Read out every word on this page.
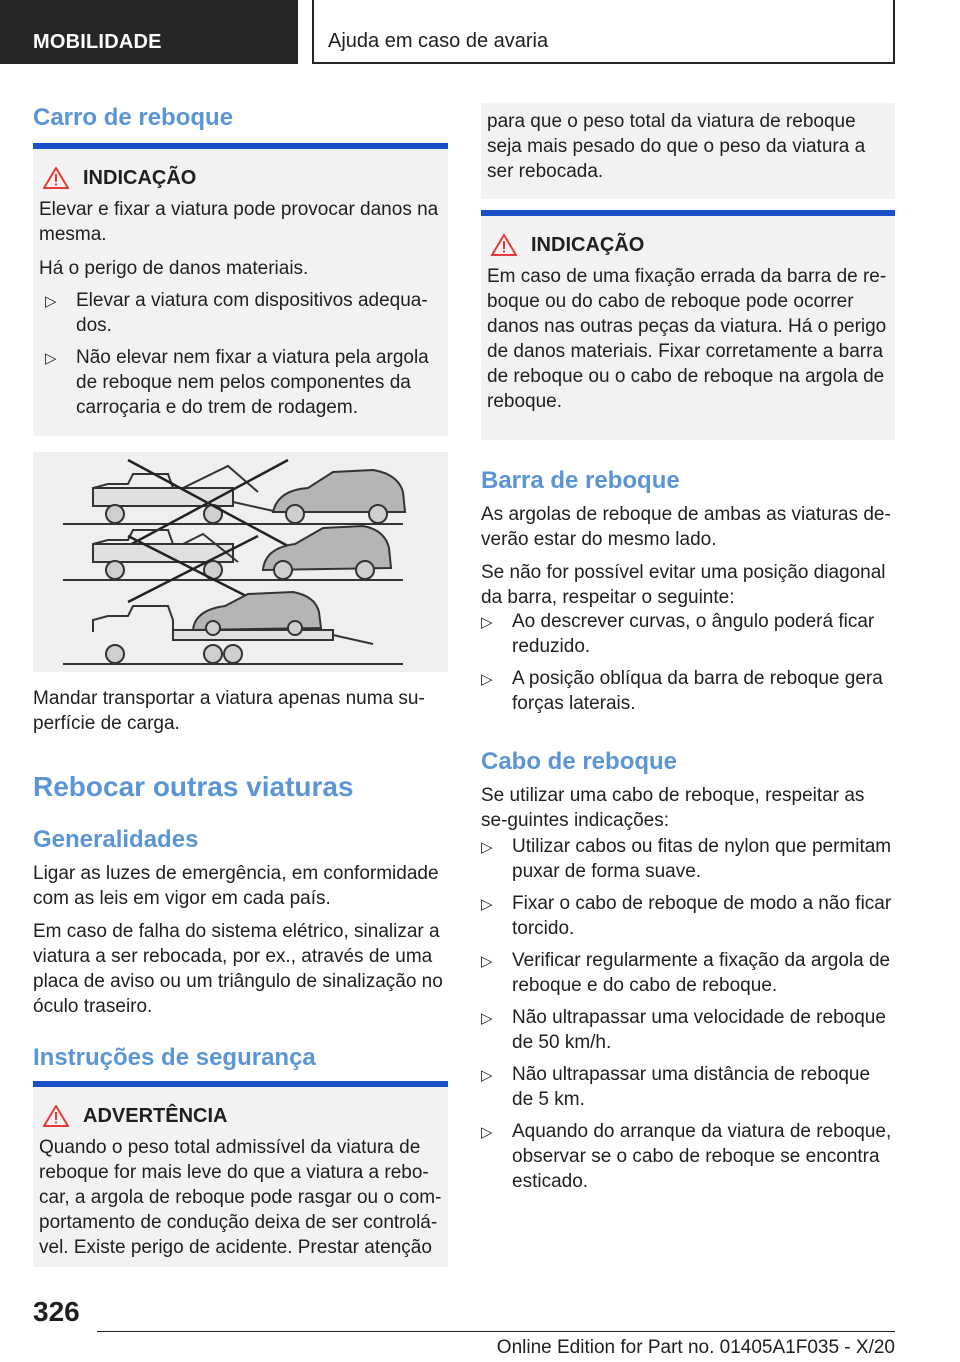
MOBILIDADE	Ajuda em caso de avaria
Carro de reboque
INDICAÇÃO

Elevar e fixar a viatura pode provocar danos na mesma.

Há o perigo de danos materiais.

▷ Elevar a viatura com dispositivos adequa-dos.
▷ Não elevar nem fixar a viatura pela argola de reboque nem pelos componentes da carroçaria e do trem de rodagem.

Mandar transportar a viatura apenas numa su-perfície de carga.

Rebocar outras viaturas
Generalidades

Ligar as luzes de emergência, em conformidade com as leis em vigor em cada país.

Em caso de falha do sistema elétrico, sinalizar a viatura a ser rebocada, por ex., através de uma placa de aviso ou um triângulo de sinalização no óculo traseiro.

Instruções de segurança
ADVERTÊNCIA

Quando o peso total admissível da viatura de reboque for mais leve do que a viatura a rebo-car, a argola de reboque pode rasgar ou o com-portamento de condução deixa de ser controlá-vel. Existe perigo de acidente. Prestar atenção

para que o peso total da viatura de reboque seja mais pesado do que o peso da viatura a ser rebocada.

INDICAÇÃO

Em caso de uma fixação errada da barra de re-boque ou do cabo de reboque pode ocorrer danos nas outras peças da viatura. Há o perigo de danos materiais. Fixar corretamente a barra de reboque ou o cabo de reboque na argola de reboque.

Barra de reboque

As argolas de reboque de ambas as viaturas de-verão estar do mesmo lado.

Se não for possível evitar uma posição diagonal da barra, respeitar o seguinte:

▷ Ao descrever curvas, o ângulo poderá ficar reduzido.
▷ A posição oblíqua da barra de reboque gera forças laterais.
Cabo de reboque

Se utilizar uma cabo de reboque, respeitar as se-guintes indicações:

▷ Utilizar cabos ou fitas de nylon que permitam puxar de forma suave.
▷ Fixar o cabo de reboque de modo a não ficar torcido.
▷ Verificar regularmente a fixação da argola de reboque e do cabo de reboque.
▷ Não ultrapassar uma velocidade de reboque de 50 km/h.
▷ Não ultrapassar uma distância de reboque de 5 km.
▷ Aquando do arranque da viatura de reboque, observar se o cabo de reboque se encontra esticado.
326
Online Edition for Part no. 01405A1F035 - X/20
